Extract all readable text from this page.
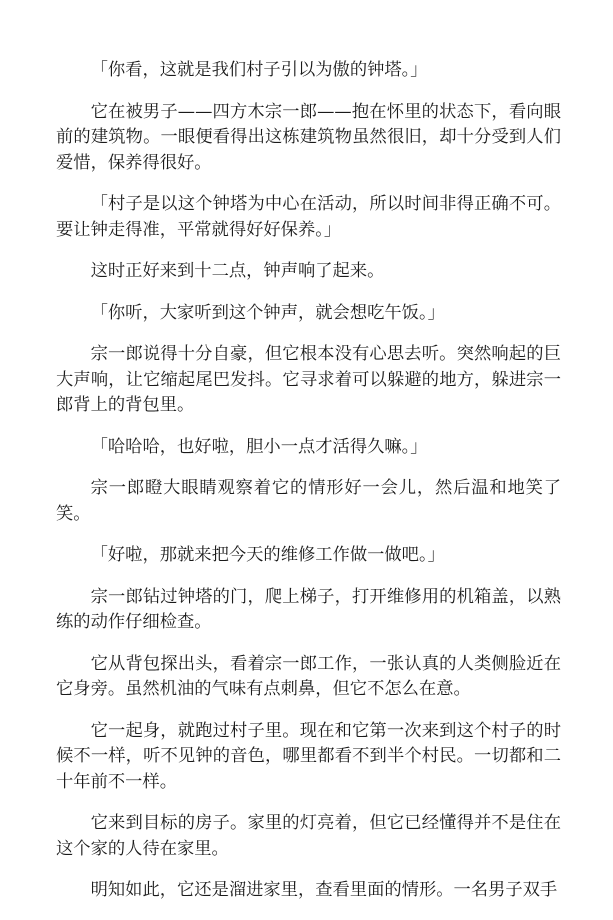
「你看，这就是我们村子引以为傲的钟塔。」

它在被男子——四方木宗一郎——抱在怀里的状态下，看向眼前的建筑物。一眼便看得出这栋建筑物虽然很旧，却十分受到人们爱惜，保养得很好。

「村子是以这个钟塔为中心在活动，所以时间非得正确不可。要让钟走得准，平常就得好好保养。」

这时正好来到十二点，钟声响了起来。

「你听，大家听到这个钟声，就会想吃午饭。」

宗一郎说得十分自豪，但它根本没有心思去听。突然响起的巨大声响，让它缩起尾巴发抖。它寻求着可以躲避的地方，躲进宗一郎背上的背包里。

「哈哈哈，也好啦，胆小一点才活得久嘛。」

宗一郎瞪大眼睛观察着它的情形好一会儿，然后温和地笑了笑。

「好啦，那就来把今天的维修工作做一做吧。」

宗一郎钻过钟塔的门，爬上梯子，打开维修用的机箱盖，以熟练的动作仔细检查。

它从背包探出头，看着宗一郎工作，一张认真的人类侧脸近在它身旁。虽然机油的气味有点刺鼻，但它不怎么在意。

它一起身，就跑过村子里。现在和它第一次来到这个村子的时候不一样，听不见钟的音色，哪里都看不到半个村民。一切都和二十年前不一样。

它来到目标的房子。家里的灯亮着，但它已经懂得并不是住在这个家的人待在家里。

明知如此，它还是溜进家里，查看里面的情形。一名男子双手
